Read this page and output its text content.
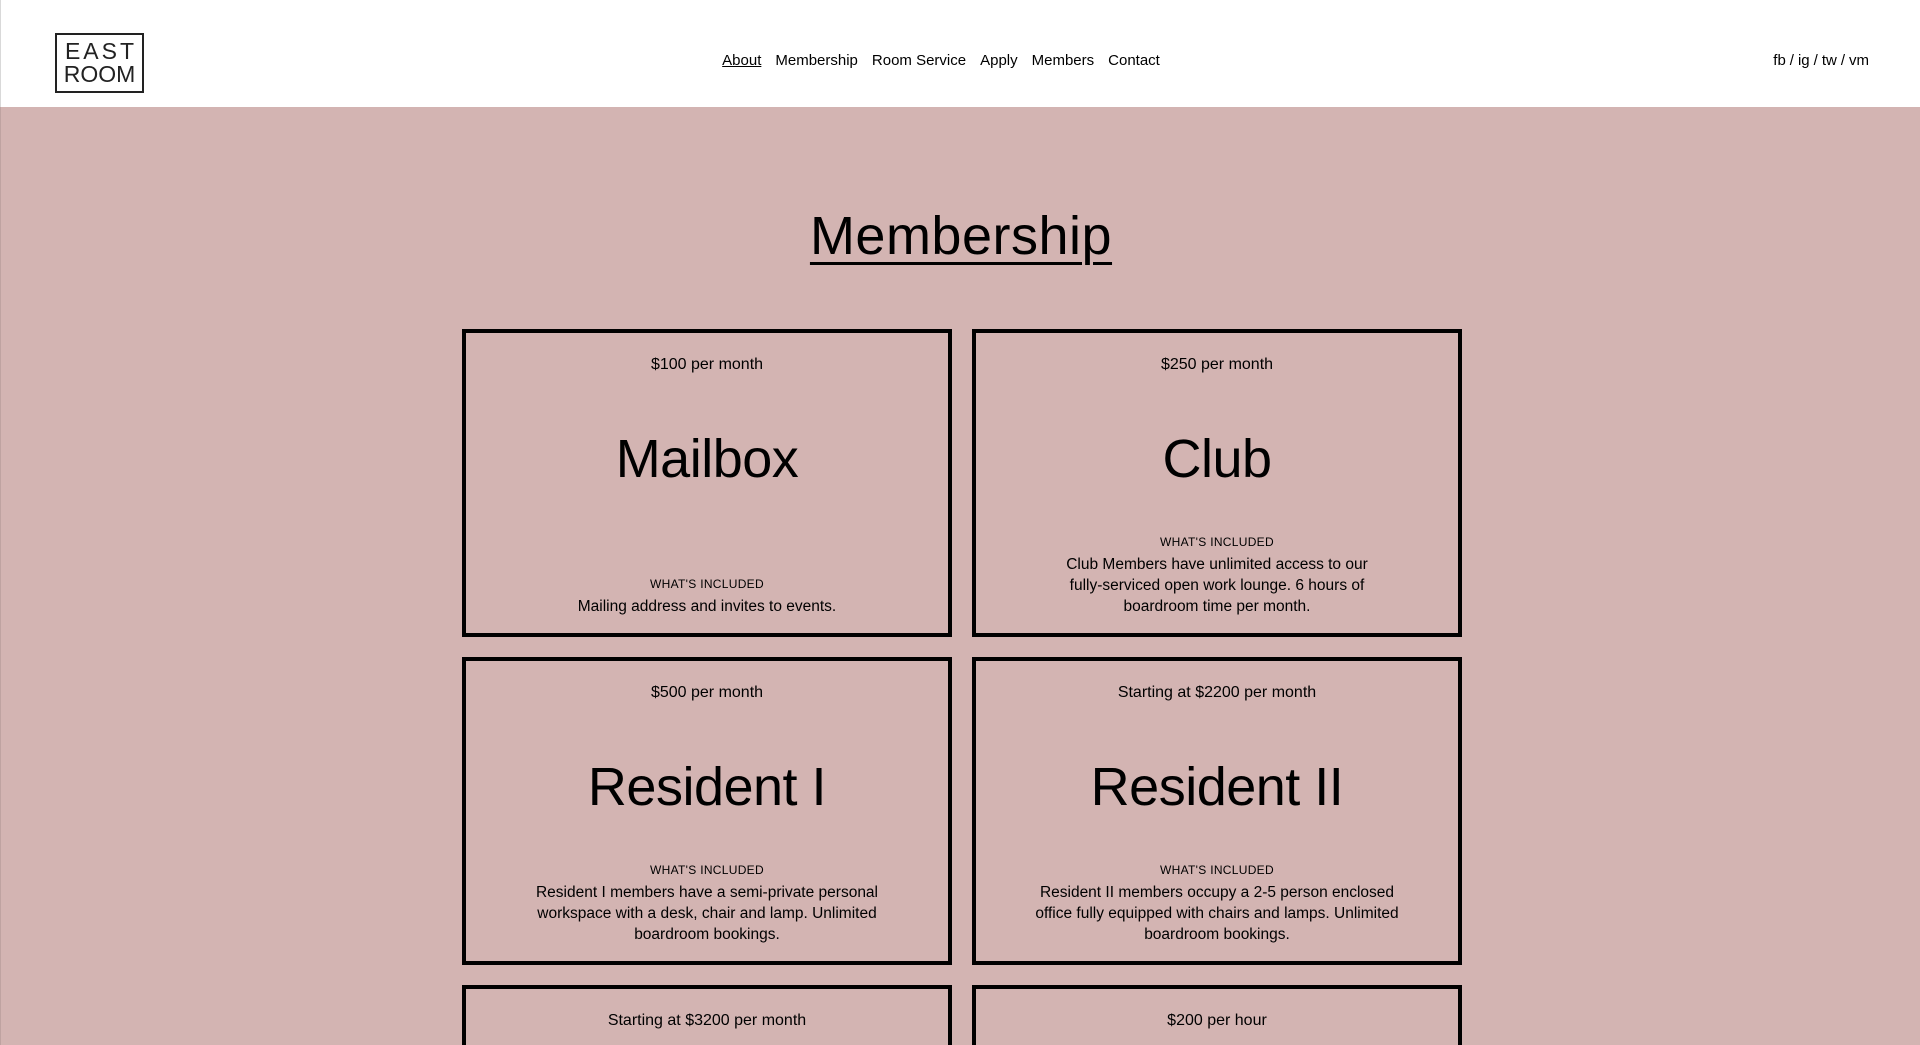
EAST
ROOM
About Membership Room Service Apply Members Contact	fb / ig / tw / vm
Membership
$100 per month
Mailbox
WHAT'S INCLUDED
Mailing address and invites to events.
$250 per month
Club
WHAT'S INCLUDED
Club Members have unlimited access to our fully-serviced open work lounge. 6 hours of boardroom time per month.
$500 per month
Resident I
WHAT'S INCLUDED
Resident I members have a semi-private personal workspace with a desk, chair and lamp. Unlimited boardroom bookings.
Starting at $2200 per month
Resident II
WHAT'S INCLUDED
Resident II members occupy a 2-5 person enclosed office fully equipped with chairs and lamps. Unlimited boardroom bookings.
Starting at $3200 per month	$200 per hour
